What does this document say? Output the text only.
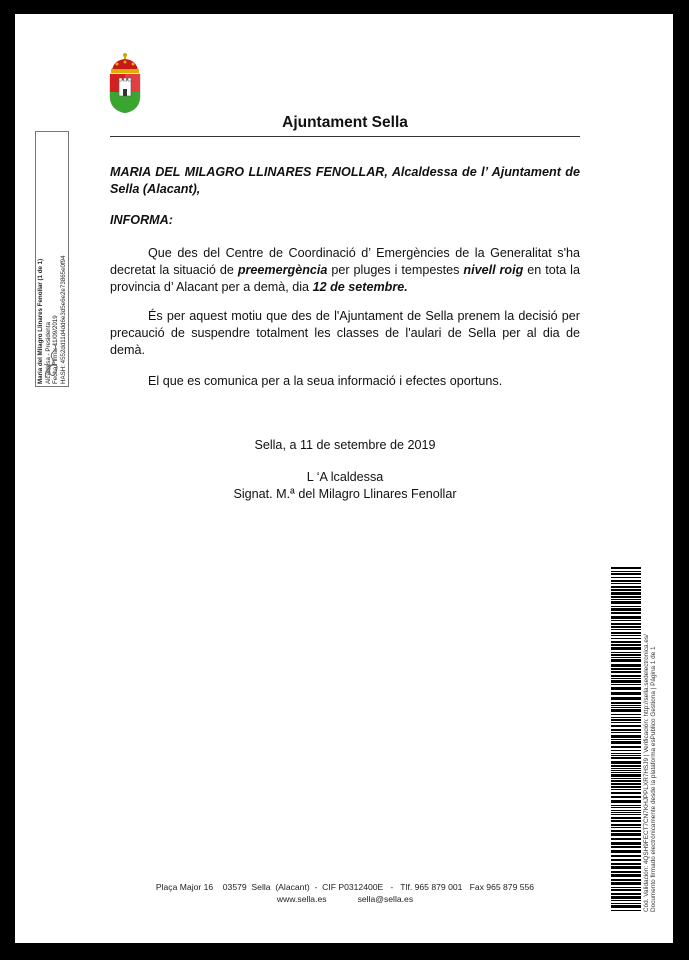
Ajuntament Sella
Maria del Milagro Llinares Fenollar (1 de 1) Alcaldesa - Presidenta Fecha Firma: 11/09/2019 HASH: 4552dd11d4dd6e3d5e6e2e73865e0f94
MARIA DEL MILAGRO LLINARES FENOLLAR, Alcaldessa de l’ Ajuntament de Sella (Alacant),
INFORMA:
Que des del Centre de Coordinació d’ Emergències de la Generalitat s'ha decretat la situació de preemergència per pluges i tempestes nivell roig en tota la provincia d’ Alacant per a demà, dia 12 de setembre.
És per aquest motiu que des de l'Ajuntament de Sella prenem la decisió per precaució de suspendre totalment les classes de l'aulari de Sella per al dia de demà.
El que es comunica per a la seua informació i efectes oportuns.
Sella, a 11 de setembre de 2019
L ‘A lcaldessa
Signat. M.ª del Milagro Llinares Fenollar
Plaça Major 16    03579  Sella  (Alacant)  -  CIF P0312400E   -   Tlf. 965 879 001   Fax 965 879 556
www.sella.es             sella@sella.es	Cód. Validación: 4QSH9FECT7CN7KHJPPLXR7HSJ9 | Verificación: http://sella.sedelectronica.es/ Documento firmado electrónicamente desde la plataforma esPublico Gestiona | Página 1 de 1
